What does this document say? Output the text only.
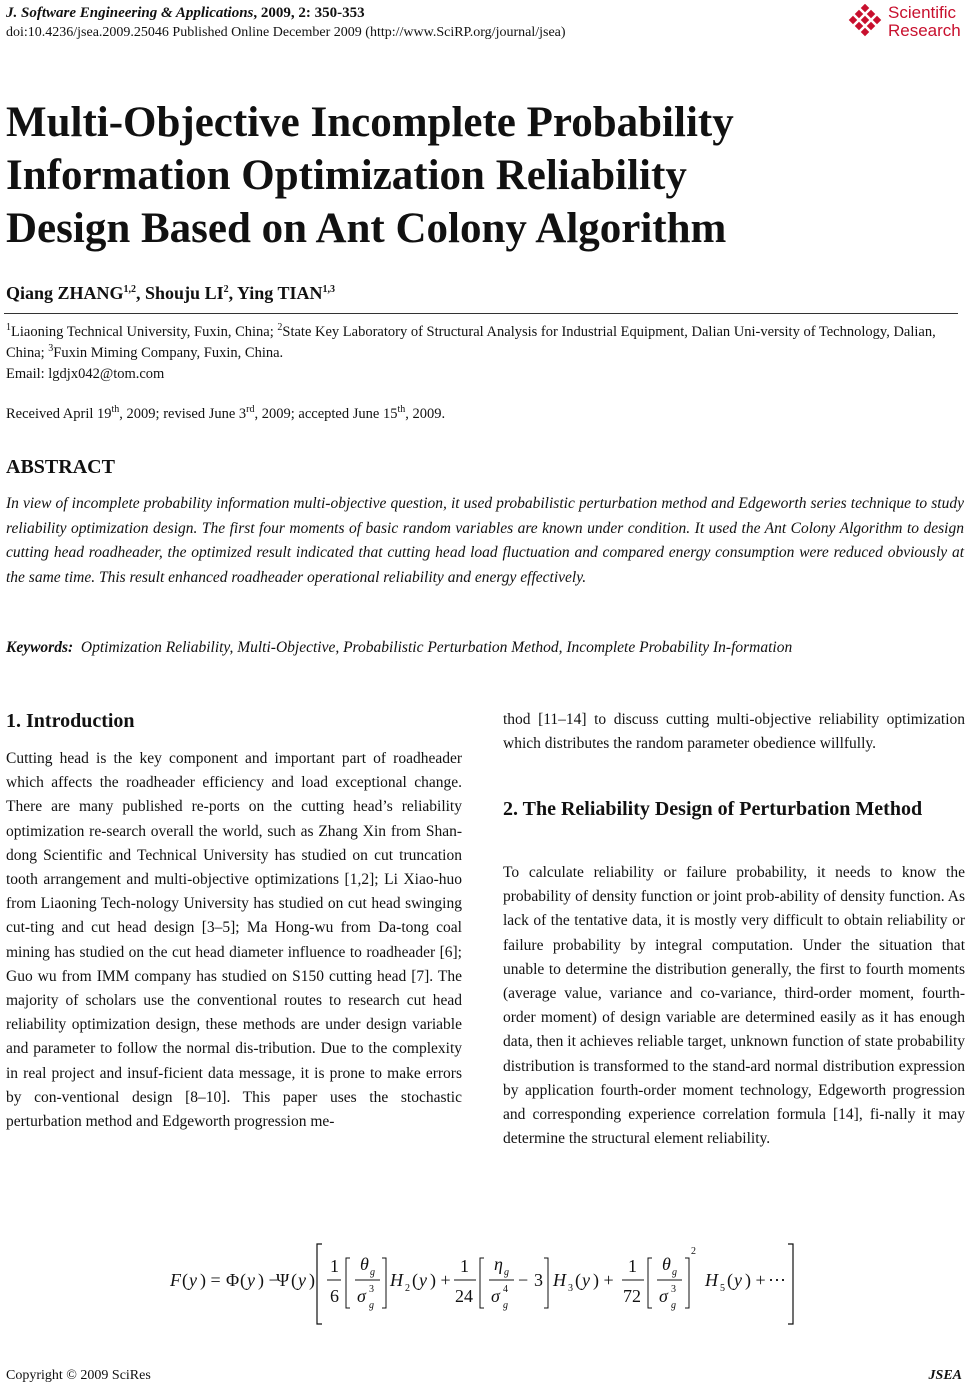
J. Software Engineering & Applications, 2009, 2: 350-353
doi:10.4236/jsea.2009.25046 Published Online December 2009 (http://www.SciRP.org/journal/jsea)
Scientific
Research
Multi-Objective Incomplete Probability
Information Optimization Reliability
Design Based on Ant Colony Algorithm
Qiang ZHANG$^{1,2}$, Shouju $LI^2$, Ying TIAN$^{1,3}$
$^1$Liaoning Technical University, Fuxin, China; $^2$State Key Laboratory of Structural Analysis for Industrial Equipment, Dalian Uni-versity of Technology, Dalian, China; $^3$Fuxin Miming Company, Fuxin, China.
Email: lgdjx042@tom.com
Received April 19th, 2009; revised June 3rd, 2009; accepted June 15th, 2009.
ABSTRACT

In view of incomplete probability information multi-objective question, it used probabilistic perturbation method and Edgeworth series technique to study reliability optimization design. The first four moments of basic random variables are known under condition. It used the Ant Colony Algorithm to design cutting head roadheader, the optimized result indicated that cutting head load fluctuation and compared energy consumption were reduced obviously at the same time. This result enhanced roadheader operational reliability and energy effectively.

Keywords:  Optimization Reliability, Multi-Objective, Probabilistic Perturbation Method, Incomplete Probability In-formation
1. Introduction

Cutting head is the key component and important part of roadheader which affects the roadheader efficiency and load exceptional change. There are many published re-ports on the cutting head’s reliability optimization re-search overall the world, such as Zhang Xin from Shan-dong Scientific and Technical University has studied on cut truncation tooth arrangement and multi-objective optimizations [1,2]; Li Xiao-huo from Liaoning Tech-nology University has studied on cut head swinging cut-ting and cut head design [3–5]; Ma Hong-wu from Da-tong coal mining has studied on the cut head diameter influence to roadheader [6]; Guo wu from IMM company has studied on S150 cutting head [7]. The majority of scholars use the conventional routes to research cut head reliability optimization design, these methods are under design variable and parameter to follow the normal dis-tribution. Due to the complexity in real project and insuf-ficient data message, it is prone to make errors by con-ventional design [8–10]. This paper uses the stochastic perturbation method and Edgeworth progression me-

thod [11–14] to discuss cutting multi-objective reliability optimization which distributes the random parameter obedience willfully.

2. The Reliability Design of Perturbation Method

To calculate reliability or failure probability, it needs to know the probability of density function or joint prob-ability of density function. As lack of the tentative data, it is mostly very difficult to obtain reliability or failure probability by integral computation. Under the situation that unable to determine the distribution generally, the first to fourth moments (average value, variance and co-variance, third-order moment, fourth-order moment) of design variable are determined easily as it has enough data, then it achieves reliable target, unknown function of state probability distribution is transformed to the stand-ard normal distribution expression by application fourth-order moment technology, Edgeworth progression and corresponding experience correlation formula [14], fi-nally it may determine the structural element reliability.

F ( y ) = Φ ( y ) −
Ψ ( y )
1
6
θ g
σ 3
g
H 2 ( y ) +
1
24
η g
σ 4
g
− 3 H 3 ( y ) +
1
72
θ g
σ 3
g
2
H 5 ( y ) + ⋯
Copyright © 2009 SciRes	JSEA
